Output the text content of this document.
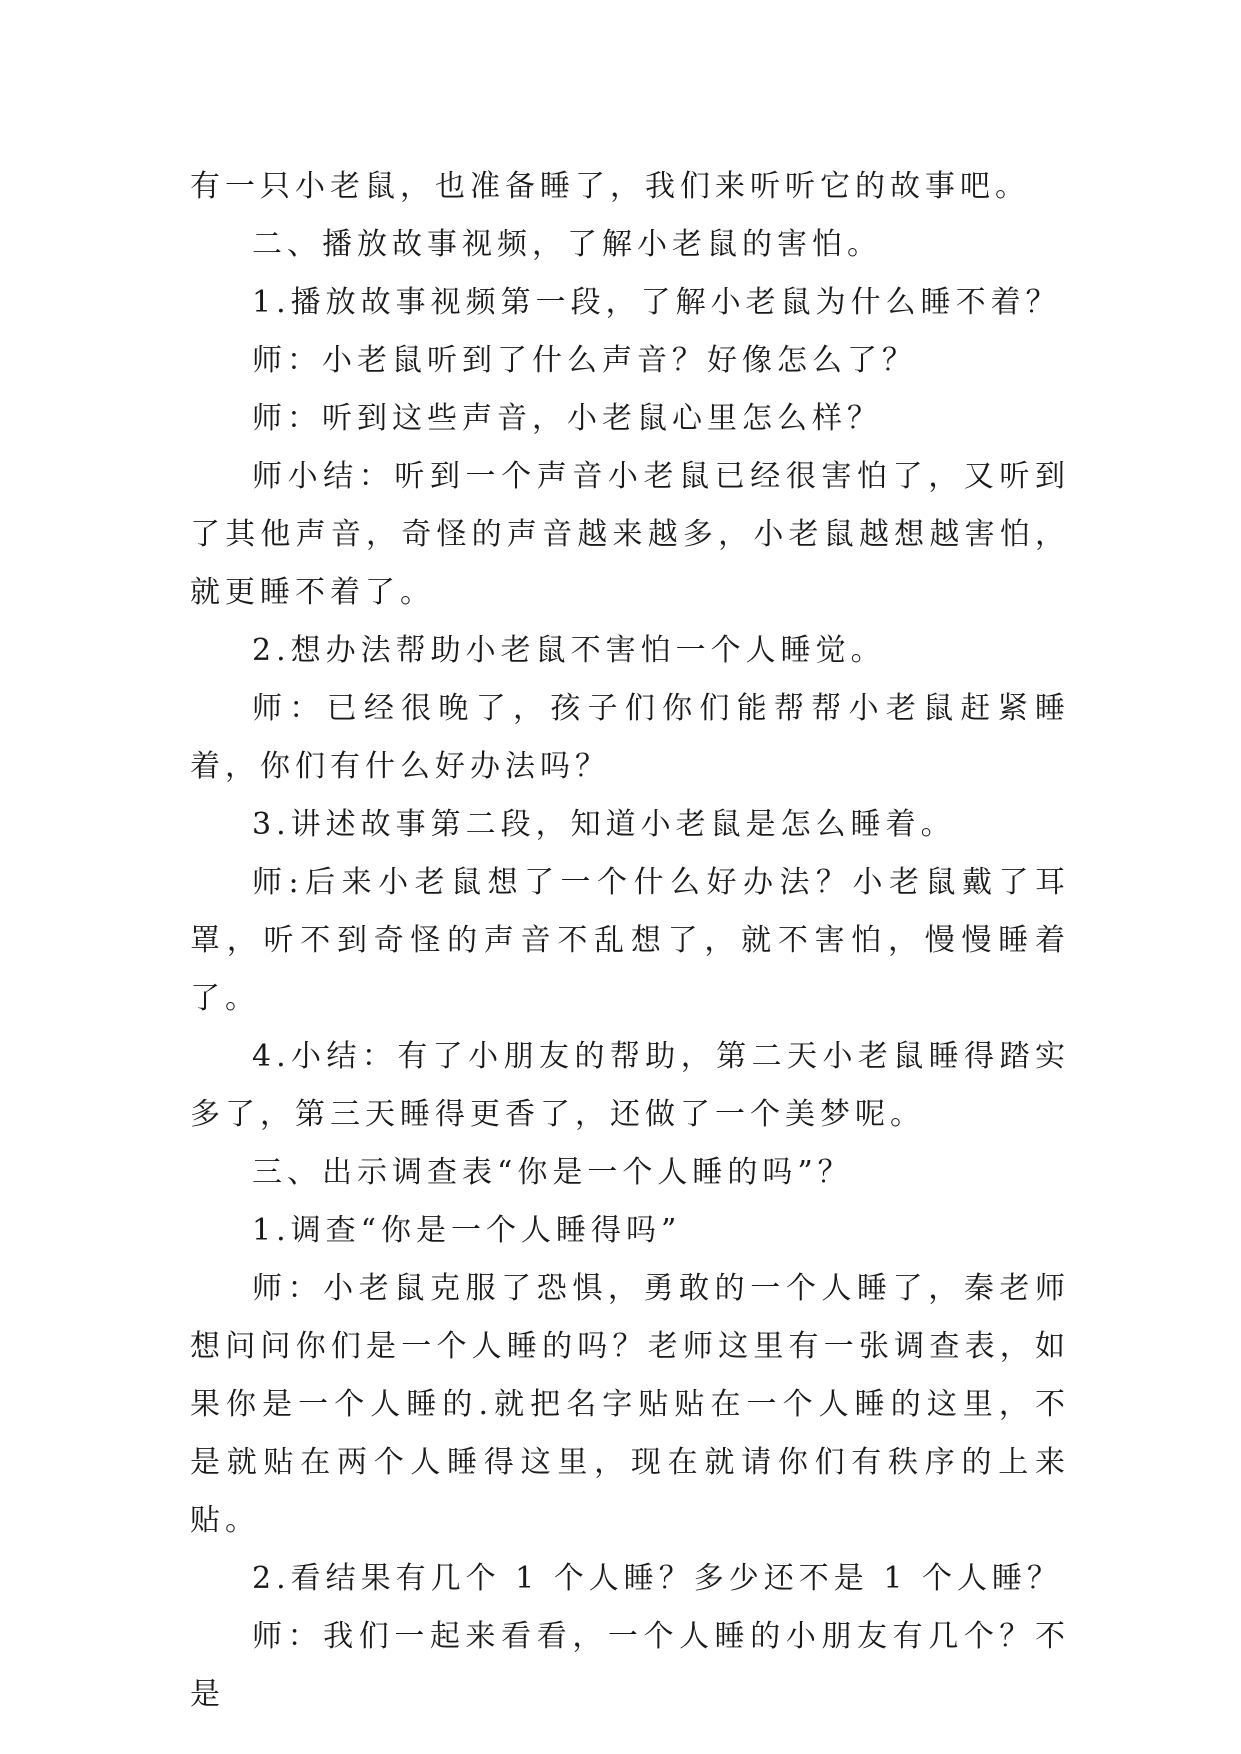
有一只小老鼠，也准备睡了，我们来听听它的故事吧。

二、播放故事视频，了解小老鼠的害怕。

1.播放故事视频第一段，了解小老鼠为什么睡不着？

师：小老鼠听到了什么声音？好像怎么了？

师：听到这些声音，小老鼠心里怎么样？

师小结：听到一个声音小老鼠已经很害怕了，又听到了其他声音，奇怪的声音越来越多，小老鼠越想越害怕，就更睡不着了。

2.想办法帮助小老鼠不害怕一个人睡觉。

师：已经很晚了，孩子们你们能帮帮小老鼠赶紧睡着，你们有什么好办法吗？

3.讲述故事第二段，知道小老鼠是怎么睡着。

师:后来小老鼠想了一个什么好办法？小老鼠戴了耳罩，听不到奇怪的声音不乱想了，就不害怕，慢慢睡着了。

4.小结：有了小朋友的帮助，第二天小老鼠睡得踏实多了，第三天睡得更香了，还做了一个美梦呢。

三、出示调查表“你是一个人睡的吗”？

1.调查“你是一个人睡得吗”

师：小老鼠克服了恐惧，勇敢的一个人睡了，秦老师想问问你们是一个人睡的吗？老师这里有一张调查表，如果你是一个人睡的.就把名字贴贴在一个人睡的这里，不是就贴在两个人睡得这里，现在就请你们有秩序的上来贴。

2.看结果有几个 1 个人睡？多少还不是 1 个人睡？

师：我们一起来看看，一个人睡的小朋友有几个？不是
